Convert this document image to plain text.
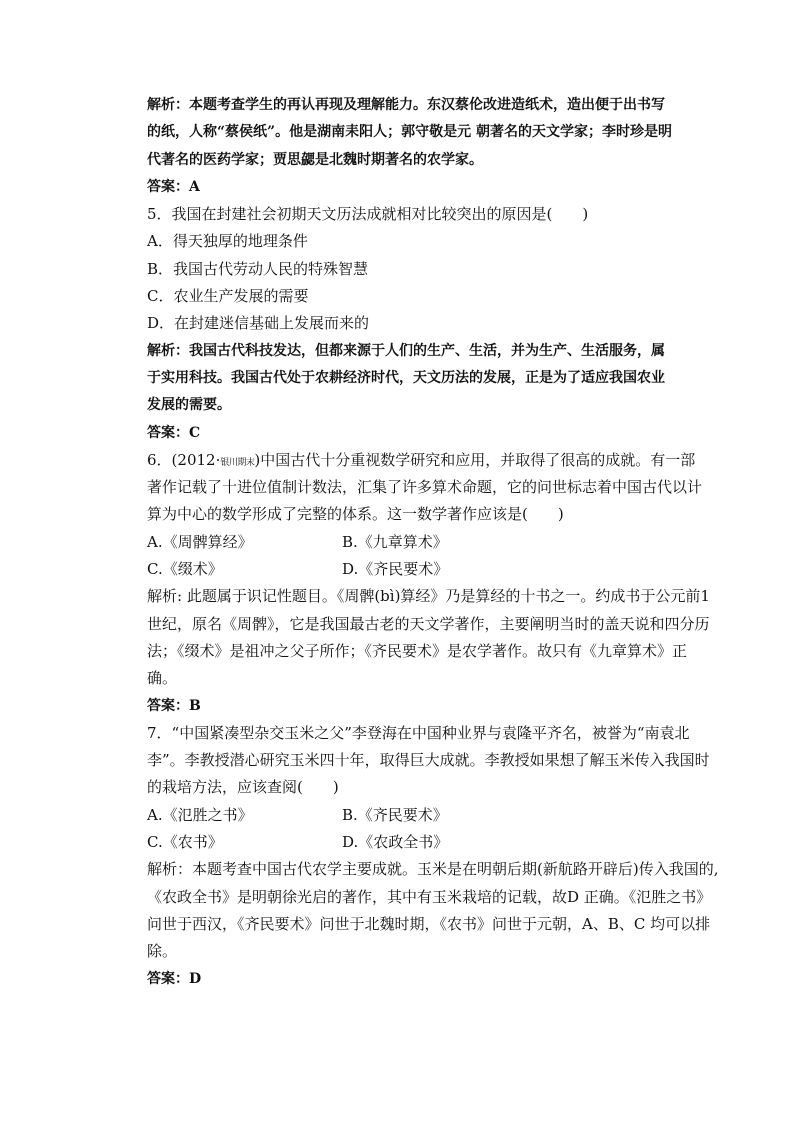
解析：本题考查学生的再认再现及理解能力。东汉蔡伦改进造纸术，造出便于出书写
的纸，人称“蔡侯纸”。他是湖南耒阳人；郭守敬是元 朝著名的天文学家；李时珍是明
代著名的医药学家；贾思勰是北魏时期著名的农学家。
答案：A
5．我国在封建社会初期天文历法成就相对比较突出的原因是(　　)
A．得天独厚的地理条件
B．我国古代劳动人民的特殊智慧
C．农业生产发展的需要
D．在封建迷信基础上发展而来的
解析：我国古代科技发达，但都来源于人们的生产、生活，并为生产、生活服务，属
于实用科技。我国古代处于农耕经济时代，天文历法的发展，正是为了适应我国农业
发展的需要。
答案：C
6．(2012·银川期末)中国古代十分重视数学研究和应用，并取得了很高的成就。有一部
著作记载了十进位值制计数法，汇集了许多算术命题，它的问世标志着中国古代以计
算为中心的数学形成了完整的体系。这一数学著作应该是(　　)
A.《周髀算经》	B.《九章算术》
C.《缀术》	D.《齐民要术》
解析: 此题属于识记性题目。《周髀(bì)算经》乃是算经的十书之一。约成书于公元前1
世纪，原名《周髀》，它是我国最古老的天文学著作，主要阐明当时的盖天说和四分历
法；《缀术》是祖冲之父子所作；《齐民要术》是农学著作。故只有《九章算术》正
确。
答案：B
7．“中国紧凑型杂交玉米之父”李登海在中国种业界与袁隆平齐名，被誉为“南袁北
李”。李教授潜心研究玉米四十年，取得巨大成就。李教授如果想了解玉米传入我国时
的栽培方法，应该查阅(　　)
A.《氾胜之书》	B.《齐民要术》
C.《农书》	D.《农政全书》
解析：本题考查中国古代农学主要成就。玉米是在明朝后期(新航路开辟后)传入我国的,
《农政全书》是明朝徐光启的著作，其中有玉米栽培的记载，故D 正确。《氾胜之书》
问世于西汉，《齐民要术》问世于北魏时期，《农书》问世于元朝，A、B、C 均可以排
除。
答案：D
